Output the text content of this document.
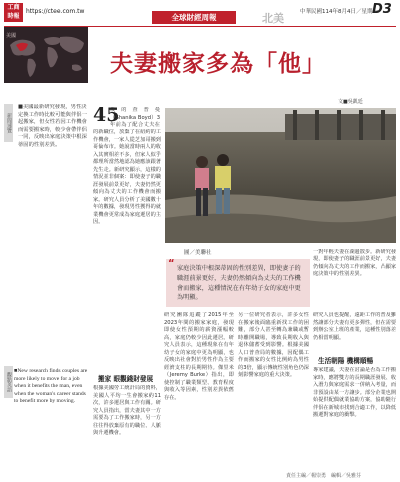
工商
時報
https://ctee.com.tw
全球財經周報	北美	中華民國114年8月4日／星期一
D3
美國
夫妻搬家多為「他」
文■吳凱廷
新聞速覽
■美國最新研究發現，男性決定換工作時比較可能與伴侶一起搬家，但女性若因工作機會而需要搬家時，較少會帶伴侶一同，反映出家庭決策中根深蒂固的性別差異。
觀點英語
■New research finds couples are more likely to move for a job when it benefits the man, even when the woman's career stands to benefit more by moving.
45
歲的查普曼（Shanika Boyd）3年前為了配合丈夫在
的新職位，放棄了在紐約的工作機會，一家人從芝加哥搬到哥倫布市。她說當時兩人的收入其實相差不多，但家人似乎都理所當然地認為她應該跟著先生走。新研究顯示，這樣的情況並非個案：即使妻子的職涯發展前景更好，夫妻仍然更傾向為丈夫的工作機會而搬家。研究人員分析了美國數十年的數據，發現男性獲得的就業機會更常成為家庭遷居的主因。
搬家 眼觀錢財發展
根據美國勞工統計局的資料，美國人平均一生會搬家約11次，許多遷居與工作有關。研究人員指出，當夫妻其中一方需要為了工作搬家時，另一方往往得放棄原有的職位、人脈與升遷機會。
研究團隊追蹤了2015年至2023年間的搬家家庭，發現即使女性預期的薪資漲幅較高，家庭仍較少因此遷居。研究人員表示，這種現象在有年幼子女的家庭中更為明顯，也反映出社會對於男性作為主要經濟支柱的長期期待。傑里米（Jeremy Burke）指出，即使控制了職業類型、教育程度與收入等因素，性別差異依舊存在。
另一位研究者表示，許多女性在搬家後面臨重新找工作的困難，部分人甚至轉為兼職或暫時離開職場，導致長期收入與退休儲蓄受到影響。根據美國人口普查局的數據，因配偶工作而搬家的女性比例約為男性的3倍，顯示傳統性別角色仍深刻影響家庭的重大決策。
研究人員也提醒，遠距工作的普及雖然讓部分夫妻有更多彈性，但在需要到辦公室上班的產業，這種性別落差仍相當明顯。
生活朝陽 機構順暢
專家建議，夫妻在討論是否為工作搬家時，應將雙方的長期職涯發展、收入潛力與家庭需求一併納入考量，而非預設由某一方讓步。部分企業也開始提供配偶就業協助方案，協助隨行伴侶在新城市找到合適工作，以降低搬遷對家庭的衝擊。
圖／美聯社	一對年輕夫妻在湖邊散步。新研究發現，即使妻子的職涯前景更好，夫妻仍傾向為丈夫的工作而搬家，凸顯家庭決策中的性別差異。
“ 家庭決策中根深蒂固的性別差異，即使妻子的職涯前景更好，夫妻仍然傾向為丈夫的工作機會而搬家，這種情況在有年幼子女的家庭中更為明顯。
責任主編／楊崇勇　編輯／吳雅芬
